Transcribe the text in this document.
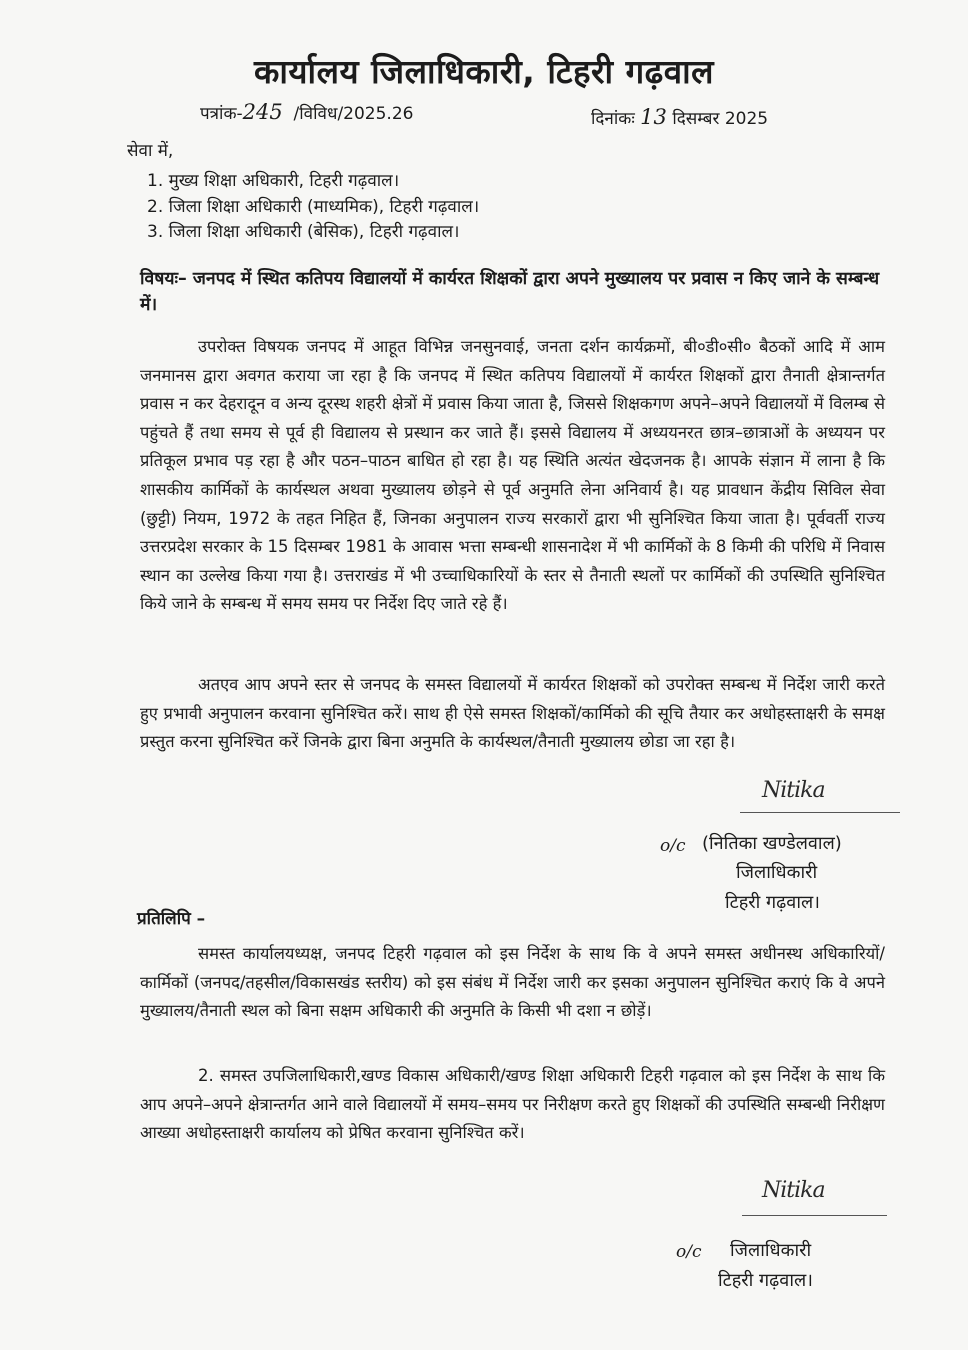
कार्यालय जिलाधिकारी, टिहरी गढ़वाल
पत्रांक-245 /विविध/2025.26	दिनांकः 13 दिसम्बर 2025
सेवा में,
1. मुख्य शिक्षा अधिकारी, टिहरी गढ़वाल।
2. जिला शिक्षा अधिकारी (माध्यमिक), टिहरी गढ़वाल।
3. जिला शिक्षा अधिकारी (बेसिक), टिहरी गढ़वाल।
विषयः– जनपद में स्थित कतिपय विद्यालयों में कार्यरत शिक्षकों द्वारा अपने मुख्यालय पर प्रवास न किए जाने के सम्बन्ध में।

उपरोक्त विषयक जनपद में आहूत विभिन्न जनसुनवाई, जनता दर्शन कार्यक्रमों, बी०डी०सी० बैठकों आदि में आम जनमानस द्वारा अवगत कराया जा रहा है कि जनपद में स्थित कतिपय विद्यालयों में कार्यरत शिक्षकों द्वारा तैनाती क्षेत्रान्तर्गत प्रवास न कर देहरादून व अन्य दूरस्थ शहरी क्षेत्रों में प्रवास किया जाता है, जिससे शिक्षकगण अपने–अपने विद्यालयों में विलम्ब से पहुंचते हैं तथा समय से पूर्व ही विद्यालय से प्रस्थान कर जाते हैं। इससे विद्यालय में अध्ययनरत छात्र–छात्राओं के अध्ययन पर प्रतिकूल प्रभाव पड़ रहा है और पठन–पाठन बाधित हो रहा है। यह स्थिति अत्यंत खेदजनक है। आपके संज्ञान में लाना है कि शासकीय कार्मिकों के कार्यस्थल अथवा मुख्यालय छोड़ने से पूर्व अनुमति लेना अनिवार्य है। यह प्रावधान केंद्रीय सिविल सेवा (छुट्टी) नियम, 1972 के तहत निहित हैं, जिनका अनुपालन राज्य सरकारों द्वारा भी सुनिश्चित किया जाता है। पूर्ववर्ती राज्य उत्तरप्रदेश सरकार के 15 दिसम्बर 1981 के आवास भत्ता सम्बन्धी शासनादेश में भी कार्मिकों के 8 किमी की परिधि में निवास स्थान का उल्लेख किया गया है। उत्तराखंड में भी उच्चाधिकारियों के स्तर से तैनाती स्थलों पर कार्मिकों की उपस्थिति सुनिश्चित किये जाने के सम्बन्ध में समय समय पर निर्देश दिए जाते रहे हैं।

अतएव आप अपने स्तर से जनपद के समस्त विद्यालयों में कार्यरत शिक्षकों को उपरोक्त सम्बन्ध में निर्देश जारी करते हुए प्रभावी अनुपालन करवाना सुनिश्चित करें। साथ ही ऐसे समस्त शिक्षकों/कार्मिको की सूचि तैयार कर अधोहस्ताक्षरी के समक्ष प्रस्तुत करना सुनिश्चित करें जिनके द्वारा बिना अनुमति के कार्यस्थल/तैनाती मुख्यालय छोडा जा रहा है।

Nitika
o/c (नितिका खण्डेलवाल)
जिलाधिकारी
टिहरी गढ़वाल।
प्रतिलिपि –

समस्त कार्यालयध्यक्ष, जनपद टिहरी गढ़वाल को इस निर्देश के साथ कि वे अपने समस्त अधीनस्थ अधिकारियों/कार्मिकों (जनपद/तहसील/विकासखंड स्तरीय) को इस संबंध में निर्देश जारी कर इसका अनुपालन सुनिश्चित कराएं कि वे अपने मुख्यालय/तैनाती स्थल को बिना सक्षम अधिकारी की अनुमति के किसी भी दशा न छोड़ें।

2. समस्त उपजिलाधिकारी,खण्ड विकास अधिकारी/खण्ड शिक्षा अधिकारी टिहरी गढ़वाल को इस निर्देश के साथ कि आप अपने–अपने क्षेत्रान्तर्गत आने वाले विद्यालयों में समय–समय पर निरीक्षण करते हुए शिक्षकों की उपस्थिति सम्बन्धी निरीक्षण आख्या अधोहस्ताक्षरी कार्यालय को प्रेषित करवाना सुनिश्चित करें।

Nitika
o/c जिलाधिकारी
टिहरी गढ़वाल।
